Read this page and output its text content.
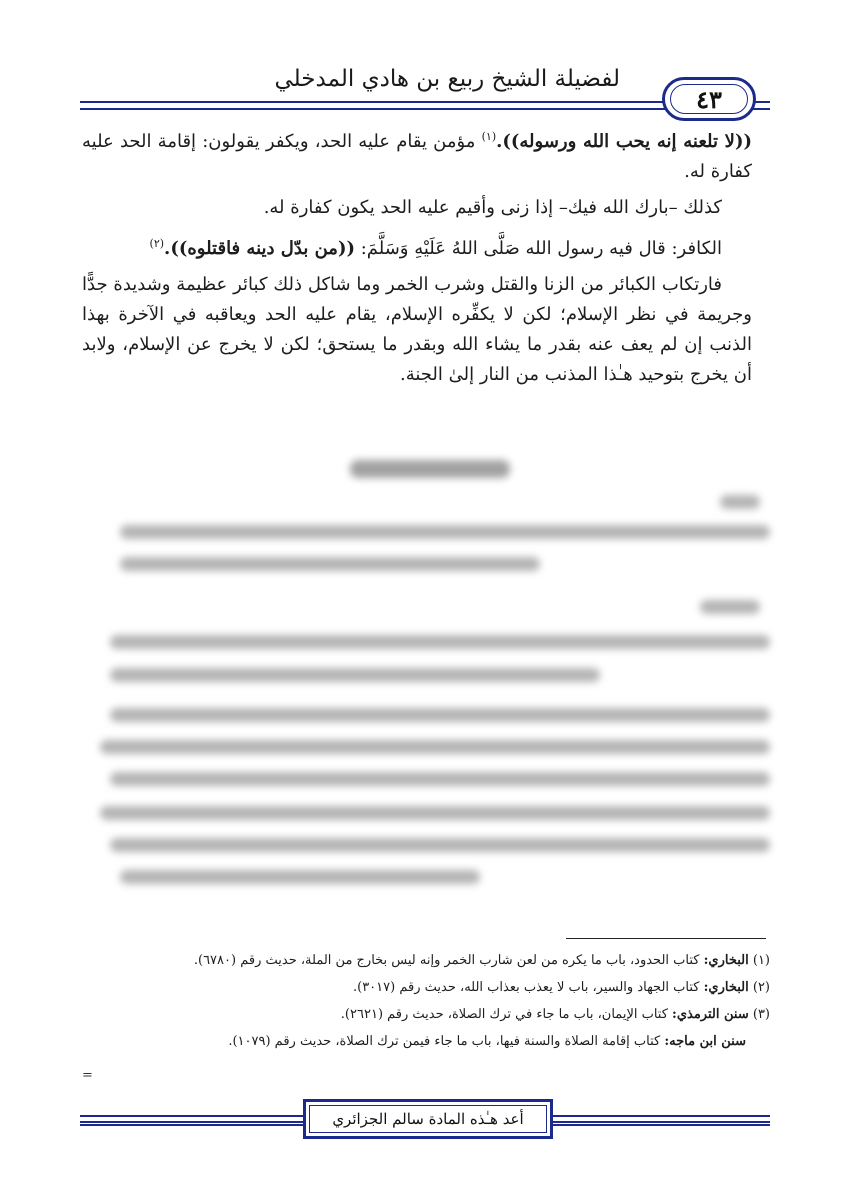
لفضيلة الشيخ ربيع بن هادي المدخلي
٤٣

((لا تلعنه إنه يحب الله ورسوله)).$^{(١)}$ مؤمن يقام عليه الحد، ويكفر يقولون: إقامة الحد عليه كفارة له.

كذلك –بارك الله فيك– إذا زنى وأقيم عليه الحد يكون كفارة له.

الكافر: قال فيه رسول الله صَلَّى اللهُ عَلَيْهِ وَسَلَّمَ: ((من بدّل دينه فاقتلوه)).$^{(٢)}$

فارتكاب الكبائر من الزنا والقتل وشرب الخمر وما شاكل ذلك كبائر عظيمة وشديدة جدًّا وجريمة في نظر الإسلام؛ لكن لا يكفِّره الإسلام، يقام عليه الحد ويعاقبه في الآخرة بهذا الذنب إن لم يعف عنه بقدر ما يشاء الله وبقدر ما يستحق؛ لكن لا يخرج عن الإسلام، ولابد أن يخرج بتوحيد هـٰذا المذنب من النار إلىٰ الجنة.

(١) البخاري: كتاب الحدود، باب ما يكره من لعن شارب الخمر وإنه ليس بخارج من الملة، حديث رقم (٦٧٨٠).

(٢) البخاري: كتاب الجهاد والسير، باب لا يعذب بعذاب الله، حديث رقم (٣٠١٧).

(٣) سنن الترمذي: كتاب الإيمان، باب ما جاء في ترك الصلاة، حديث رقم (٢٦٢١).

سنن ابن ماجه: كتاب إقامة الصلاة والسنة فيها، باب ما جاء فيمن ترك الصلاة، حديث رقم (١٠٧٩).

=
أعد هـٰذه المادة سالم الجزائري
